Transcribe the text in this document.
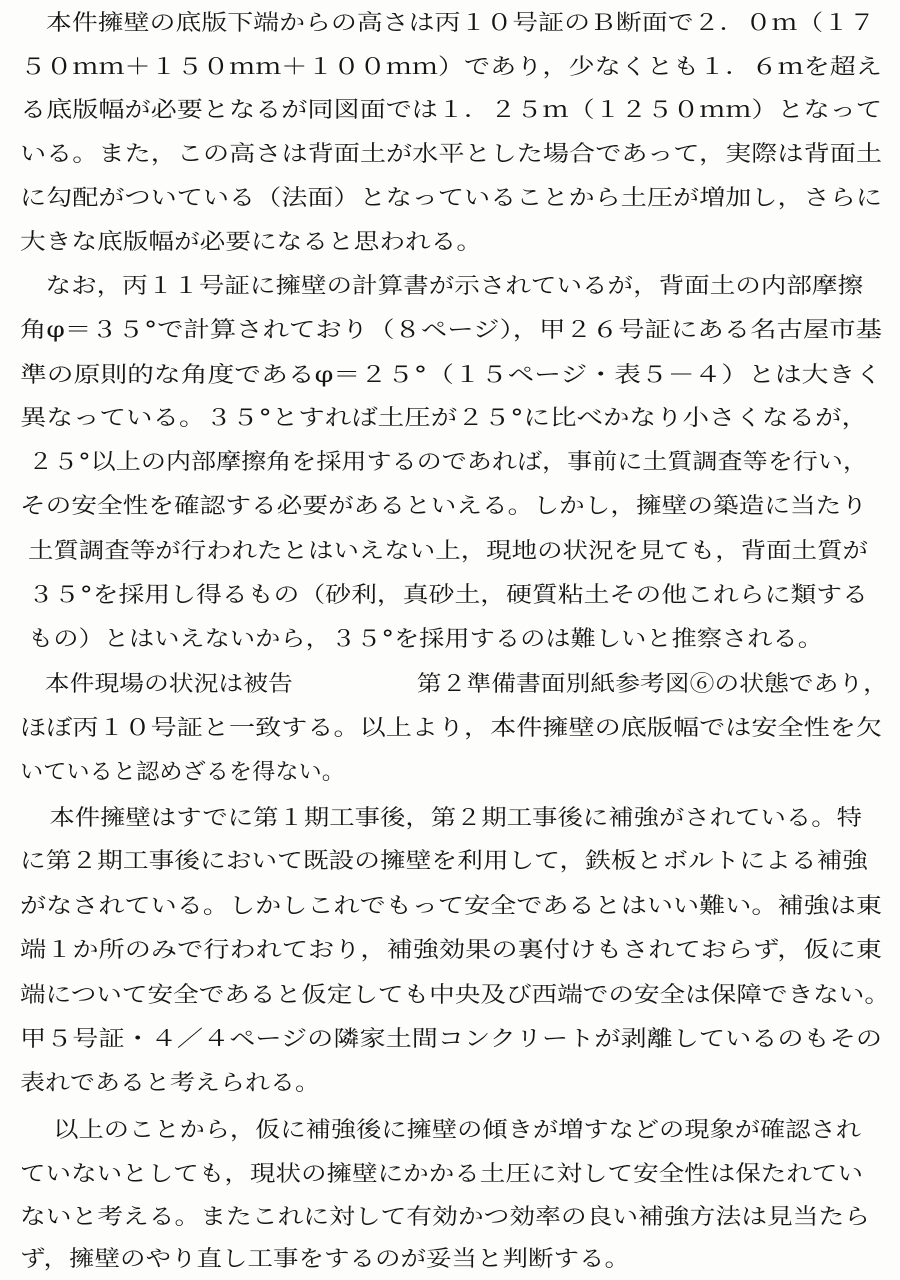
　本件擁壁の底版下端からの高さは丙１０号証のＢ断面で２．０ｍ（１７
５０ｍｍ＋１５０ｍｍ＋１００ｍｍ）であり，少なくとも１．６ｍを超え
る底版幅が必要となるが同図面では１．２５ｍ（１２５０ｍｍ）となって
いる。また，この高さは背面土が水平とした場合であって，実際は背面土
に勾配がついている（法面）となっていることから土圧が増加し，さらに
大きな底版幅が必要になると思われる。
　なお，丙１１号証に擁壁の計算書が示されているが，背面土の内部摩擦
角φ＝３５°で計算されており（８ページ），甲２６号証にある名古屋市基
準の原則的な角度であるφ＝２５°（１５ページ・表５－４）とは大きく
異なっている。３５°とすれば土圧が２５°に比べかなり小さくなるが，
２５°以上の内部摩擦角を採用するのであれば，事前に土質調査等を行い，
その安全性を確認する必要があるといえる。しかし，擁壁の築造に当たり
土質調査等が行われたとはいえない上，現地の状況を見ても，背面土質が
３５°を採用し得るもの（砂利，真砂土，硬質粘土その他これらに類する
もの）とはいえないから，３５°を採用するのは難しいと推察される。
　本件現場の状況は被告　　　　　第２準備書面別紙参考図⑥の状態であり，
ほぼ丙１０号証と一致する。以上より，本件擁壁の底版幅では安全性を欠
いていると認めざるを得ない。
　本件擁壁はすでに第１期工事後，第２期工事後に補強がされている。特
に第２期工事後において既設の擁壁を利用して，鉄板とボルトによる補強
がなされている。しかしこれでもって安全であるとはいい難い。補強は東
端１か所のみで行われており，補強効果の裏付けもされておらず，仮に東
端について安全であると仮定しても中央及び西端での安全は保障できない。
甲５号証・４／４ページの隣家土間コンクリートが剥離しているのもその
表れであると考えられる。
　以上のことから，仮に補強後に擁壁の傾きが増すなどの現象が確認され
ていないとしても，現状の擁壁にかかる土圧に対して安全性は保たれてい
ないと考える。またこれに対して有効かつ効率の良い補強方法は見当たら
ず，擁壁のやり直し工事をするのが妥当と判断する。
